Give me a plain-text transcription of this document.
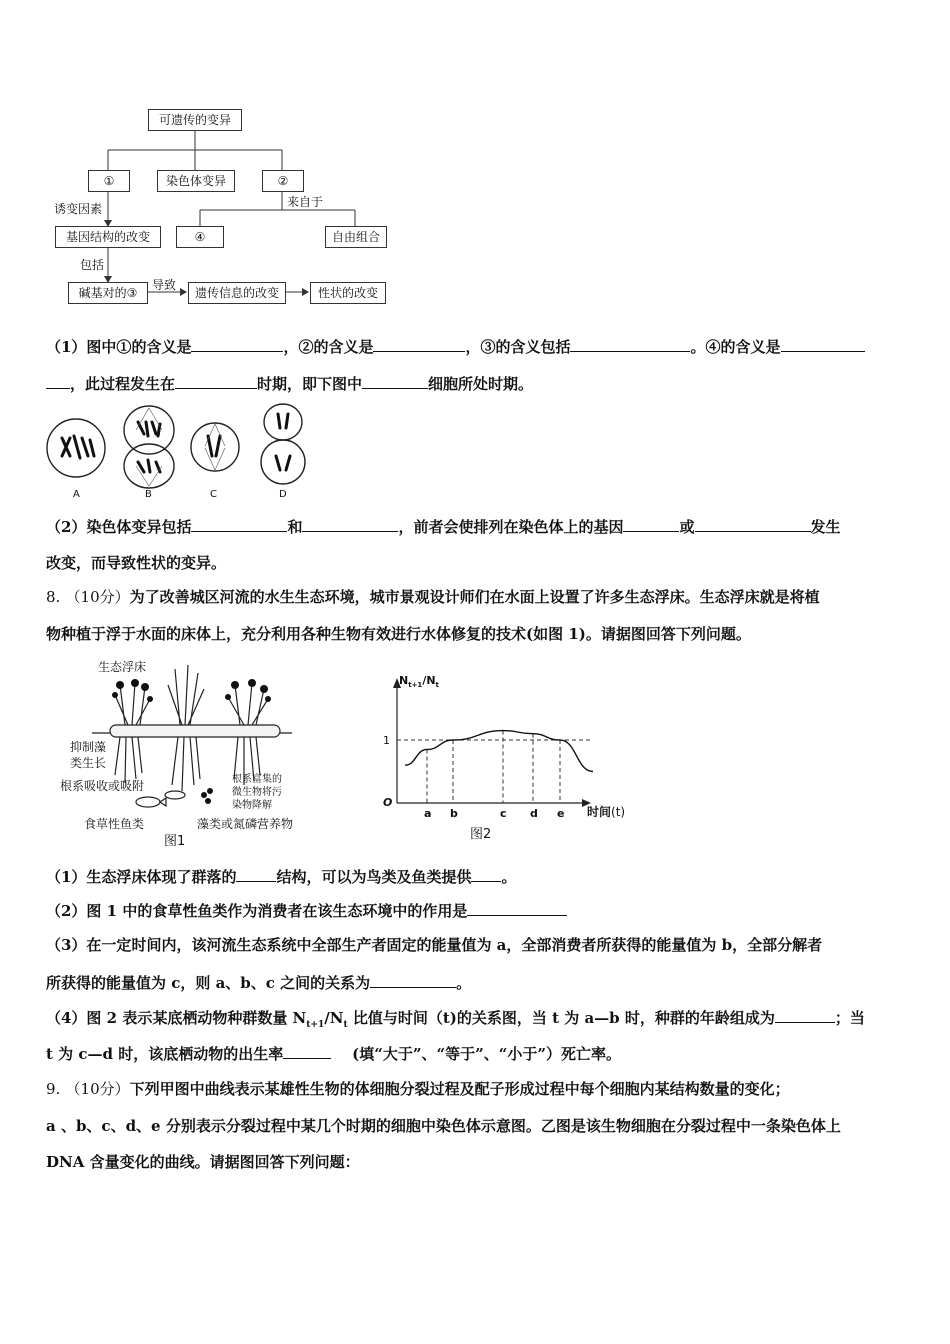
可遗传的变异
①	染色体变异	②
诱变因素	来自于
基因结构的改变	④	自由组合
包括
碱基对的③
导致
遗传信息的改变	性状的改变
（1）图中①的含义是	，②的含义是	，③的含义包括	。④的含义是
，此过程发生在	时期，即下图中	细胞所处时期。
A	B	C	D
（2）染色体变异包括	和	，前者会使排列在染色体上的基因	或	发生
改变，而导致性状的变异。
8. （10分）为了改善城区河流的水生生态环境，城市景观设计师们在水面上设置了许多生态浮床。生态浮床就是将植
物种植于浮于水面的床体上，充分利用各种生物有效进行水体修复的技术(如图 1)。请据图回答下列问题。
生态浮床
抑制藻
类生长
根系吸收或吸附	根系富集的
微生物将污
染物降解
食草性鱼类	藻类或氮磷营养物
图1
a b	c d e
O
1
$N_{t+1}/N_t$
时间(t)
图2
（1）生态浮床体现了群落的	结构，可以为鸟类及鱼类提供 。
（2）图 1 中的食草性鱼类作为消费者在该生态环境中的作用是
（3）在一定时间内，该河流生态系统中全部生产者固定的能量值为 a，全部消费者所获得的能量值为 b，全部分解者
所获得的能量值为 c，则 a、b、c 之间的关系为	。
（4）图 2 表示某底栖动物种群数量 $N_{t+1}/N_t$ 比值与时间（t)的关系图，当 t 为 a—b 时，种群的年龄组成为	；当
t 为 c—d 时，该底栖动物的出生率	(填“大于”、“等于”、“小于”）死亡率。
9. （10分）下列甲图中曲线表示某雄性生物的体细胞分裂过程及配子形成过程中每个细胞内某结构数量的变化；
a 、b、c、d、e 分别表示分裂过程中某几个时期的细胞中染色体示意图。乙图是该生物细胞在分裂过程中一条染色体上
DNA 含量变化的曲线。请据图回答下列问题：
